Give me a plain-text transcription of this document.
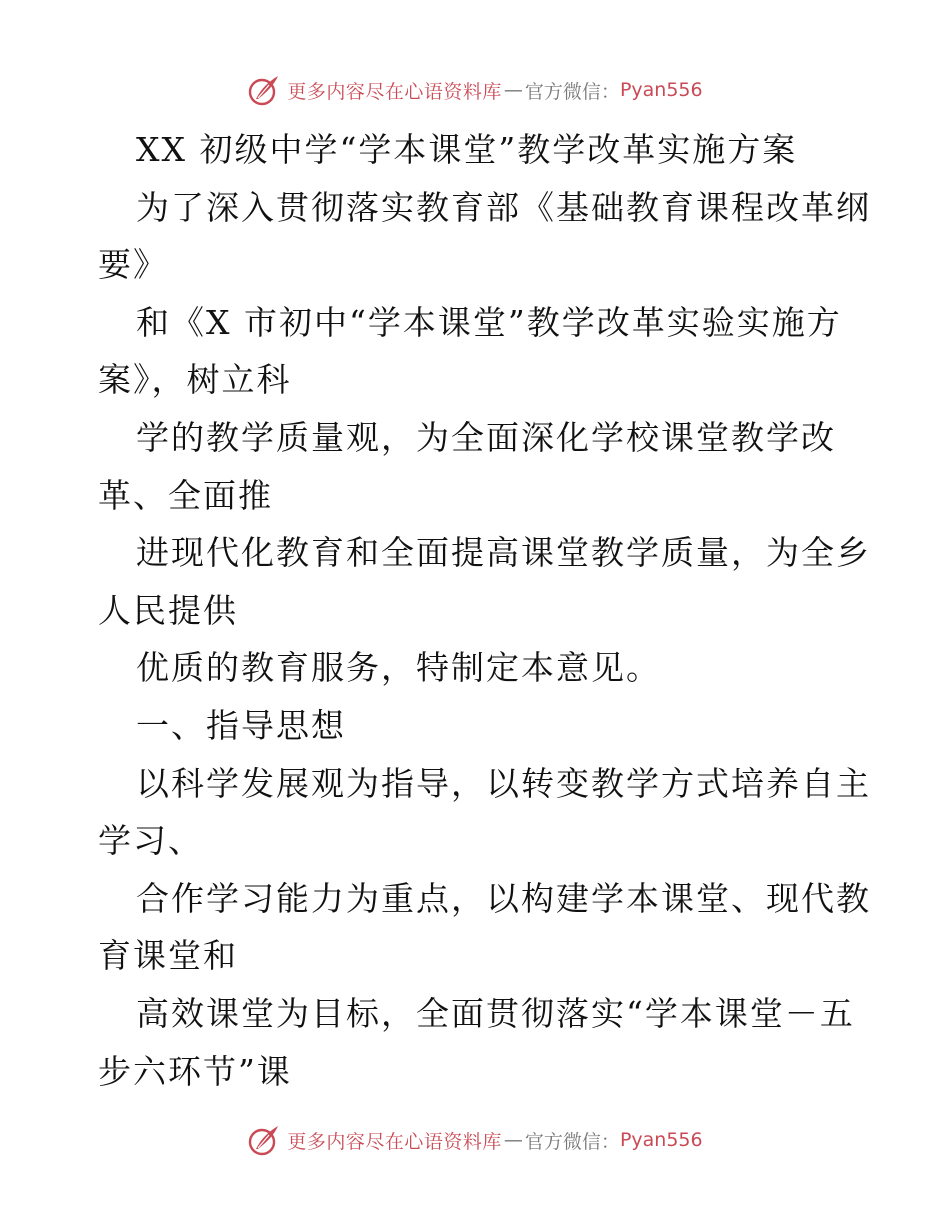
更多内容尽在心语资料库 — 官方微信： Pyan556
XX 初级中学“学本课堂”教学改革实施方案
为了深入贯彻落实教育部《基础教育课程改革纲
要》
和《X 市初中“学本课堂”教学改革实验实施方
案》，树立科
学的教学质量观，为全面深化学校课堂教学改
革、全面推
进现代化教育和全面提高课堂教学质量，为全乡
人民提供
优质的教育服务，特制定本意见。
一、指导思想
以科学发展观为指导，以转变教学方式培养自主
学习、
合作学习能力为重点，以构建学本课堂、现代教
育课堂和
高效课堂为目标，全面贯彻落实“学本课堂－五
步六环节”课
更多内容尽在心语资料库 — 官方微信： Pyan556
